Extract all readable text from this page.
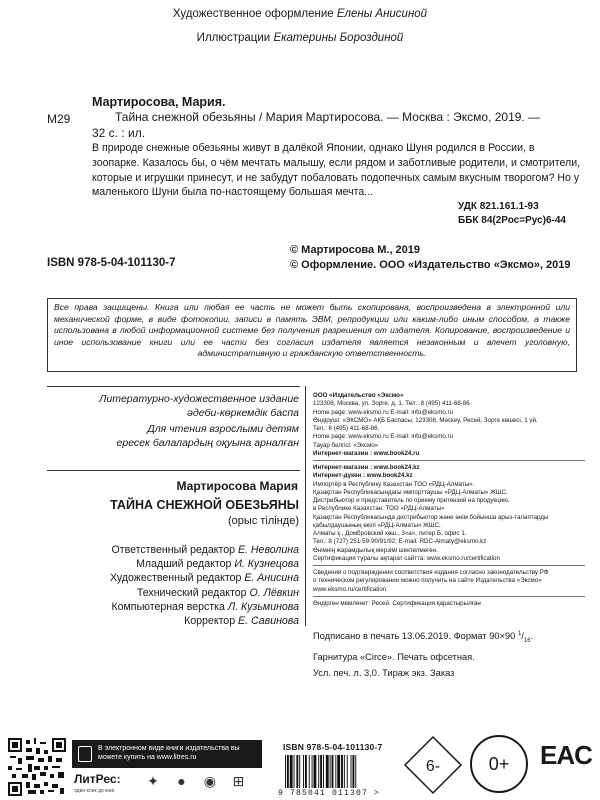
Художественное оформление Елены Анисиной
Иллюстрации Екатерины Бороздиной
Мартиросова, Мария.
М29	Тайна снежной обезьяны / Мария Мартиросова. — Москва : Эксмо, 2019. —
32 с. : ил.
В природе снежные обезьяны живут в далёкой Японии, однако Шуня родился в России, в зоопарке. Казалось бы, о чём мечтать малышу, если рядом и заботливые родители, и смотрители, которые и игрушки принесут, и не забудут побаловать подопечных самым вкусным творогом? Но у маленького Шуни была по-настоящему большая мечта...
УДК 821.161.1-93
ББК 84(2Рос=Рус)6-44
ISBN 978-5-04-101130-7
© Мартиросова М., 2019
© Оформление. ООО «Издательство «Эксмо», 2019
Все права защищены. Книга или любая ее часть не может быть скопирована, воспроизведена в электронной или механической форме, в виде фотокопии, записи в память ЭВМ, репродукции или каким-либо иным способом, а также использована в любой информационной системе без получения разрешения от издателя. Копирование, воспроизведение и иное использование книги или ее части без согласия издателя является незаконным и влечет уголовную, административную и гражданскую ответственность.
Литературно-художественное издание
әдеби-көркемдік баспа
Для чтения взрослыми детям
ересек балалардың оқуына арналған
Мартиросова Мария
ТАЙНА СНЕЖНОЙ ОБЕЗЬЯНЫ
(орыс тілінде)
Ответственный редактор Е. Неволина
Младший редактор И. Кузнецова
Художественный редактор Е. Анисина
Технический редактор О. Лёвкин
Компьютерная верстка Л. Кузьминова
Корректор Е. Савинова
ООО «Издательство «Эксмо»
123308, Москва, ул. Зорге, д. 1. Тел.: 8 (495) 411-68-86.
Home page: www.eksmo.ru E-mail: info@eksmo.ru
Өндіруші: «ЭКСМО» АҚБ Баспасы, 123308, Мәскеу, Ресей, Зорге көшесі, 1 үй.
Тел.: 8 (495) 411-68-86.
Home page: www.eksmo.ru E-mail: info@eksmo.ru
Тауар белгісі: «Эксмо»
Интернет-магазин : www.book24.ru
Интернет-магазин : www.book24.kz
Интернет-дүкен : www.book24.kz
Импортёр в Республику Казахстан ТОО «РДЦ-Алматы».
Қазақстан Республикасындағы импорттаушы «РДЦ-Алматы» ЖШС.
Дистрибьютор и представитель по приему претензий на продукцию,
в Республике Казахстан: ТОО «РДЦ-Алматы»
Қазақстан Республикасында дистрибьютор және өнім бойынша арыз-талаптарды
қабылдаушының өкілі «РДЦ-Алматы» ЖШС,
Алматы қ., Домбровский көш., 3«а», литер Б, офис 1.
Тел.: 8 (727) 251-59-90/91/92; E-mail: RDC-Almaty@eksmo.kz
Өнімнің жарамдылық мерзімі шектелмеген.
Сертификация туралы ақпарат сайтта: www.eksmo.ru/certification
Сведения о подтверждении соответствия издания согласно законодательству РФ
о техническом регулировании можно получить на сайте Издательства «Эксмо»
www.eksmo.ru/certification
Өндірген мемлекет: Ресей. Сертификация қарастырылған
Подписано в печать 13.06.2019. Формат 90×90 $^1/_{16}$.
Гарнитура «Circe». Печать офсетная.
Усл. печ. л. 3,0. Тираж экз. Заказ
В электронном виде книги издательства вы можете купить на www.litres.ru
ЛитРес:
один клик до книг
✦ ● ◉ ⊞
ISBN 978-5-04-101130-7
9 785041 011307 >
6-	0+	EAC
